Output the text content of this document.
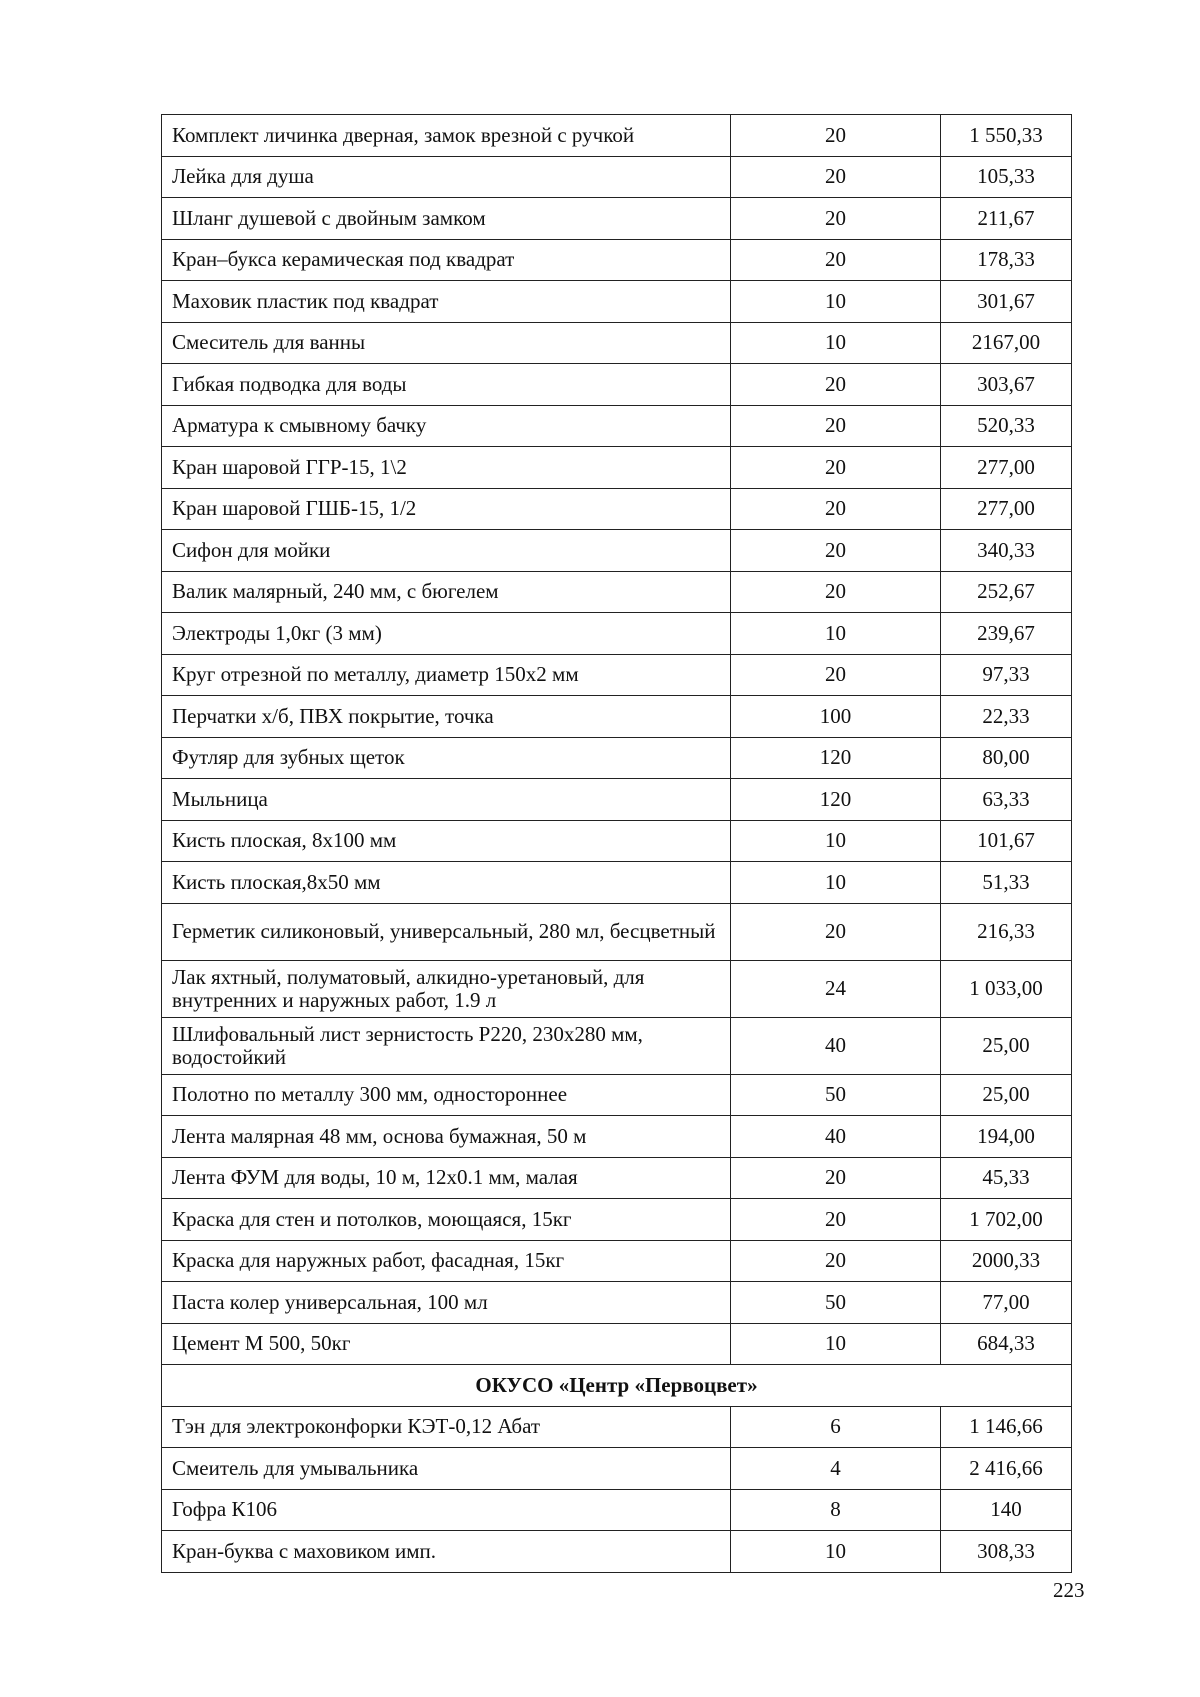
Комплект личинка дверная, замок врезной с ручкой	20	1 550,33
Лейка для душа	20	105,33
Шланг душевой с двойным замком	20	211,67
Кран–букса керамическая под квадрат	20	178,33
Маховик пластик под квадрат	10	301,67
Смеситель для ванны	10	2167,00
Гибкая подводка для воды	20	303,67
Арматура к смывному бачку	20	520,33
Кран шаровой ГГР-15, 1\2	20	277,00
Кран шаровой ГШБ-15, 1/2	20	277,00
Сифон для мойки	20	340,33
Валик малярный, 240 мм, с бюгелем	20	252,67
Электроды 1,0кг (3 мм)	10	239,67
Круг отрезной по металлу, диаметр 150х2 мм	20	97,33
Перчатки х/б, ПВХ покрытие, точка	100	22,33
Футляр для зубных щеток	120	80,00
Мыльница	120	63,33
Кисть плоская, 8х100 мм	10	101,67
Кисть плоская,8х50 мм	10	51,33
Герметик силиконовый, универсальный, 280 мл, бесцветный	20	216,33
Лак яхтный, полуматовый, алкидно-уретановый, для внутренних и наружных работ, 1.9 л	24	1 033,00
Шлифовальный лист зернистость Р220, 230х280 мм, водостойкий	40	25,00
Полотно по металлу 300 мм, одностороннее	50	25,00
Лента малярная 48 мм, основа бумажная, 50 м	40	194,00
Лента ФУМ для воды, 10 м, 12х0.1 мм, малая	20	45,33
Краска для стен и потолков, моющаяся, 15кг	20	1 702,00
Краска для наружных работ, фасадная, 15кг	20	2000,33
Паста колер универсальная, 100 мл	50	77,00
Цемент М 500, 50кг	10	684,33
ОКУСО «Центр «Первоцвет»		
Тэн для электроконфорки КЭТ-0,12 Абат	6	1 146,66
Смеитель для умывальника	4	2 416,66
Гофра К106	8	140
Кран-буква с маховиком имп.	10	308,33
223
